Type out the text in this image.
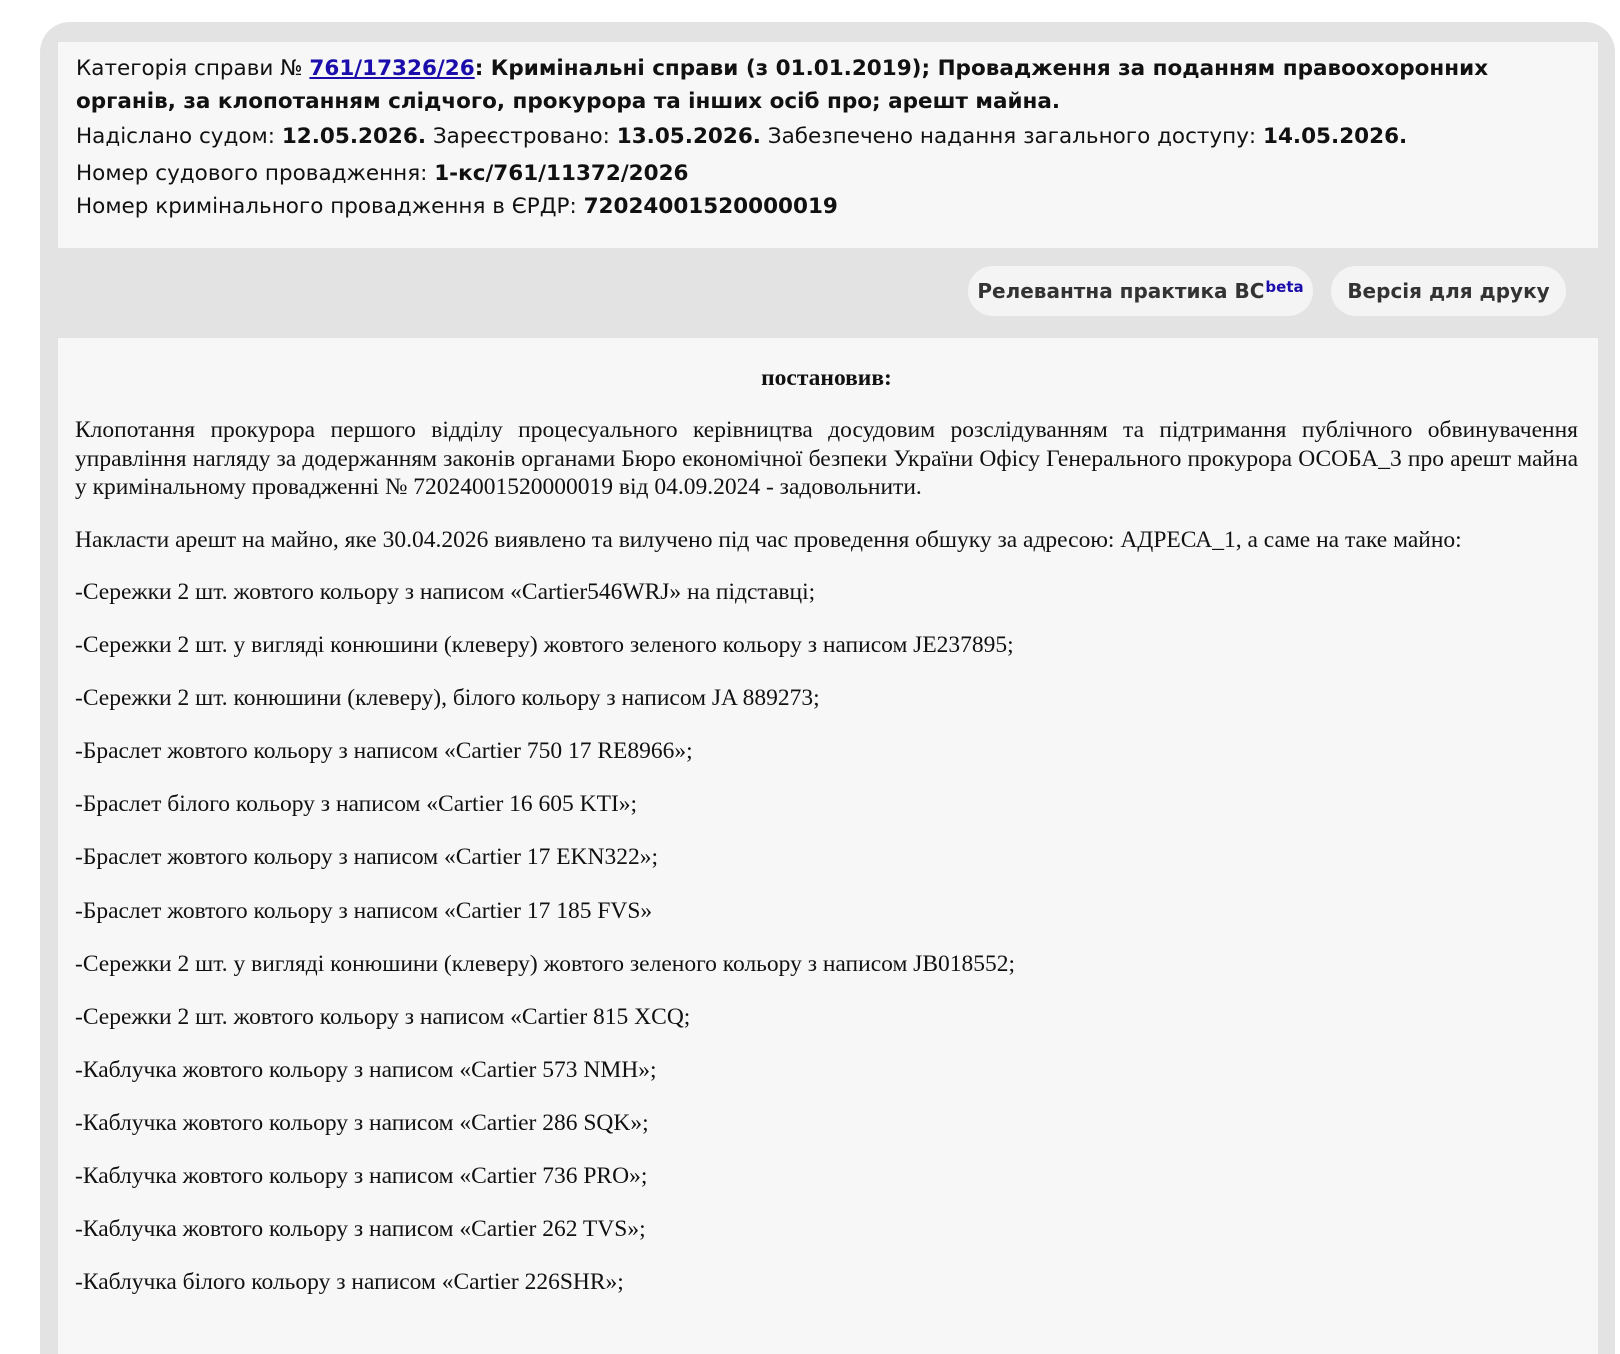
Категорія справи № 761/17326/26: Кримінальні справи (з 01.01.2019); Провадження за поданням правоохоронних органів, за клопотанням слідчого, прокурора та інших осіб про; арешт майна.
Надіслано судом: 12.05.2026. Зареєстровано: 13.05.2026. Забезпечено надання загального доступу: 14.05.2026.
Номер судового провадження: 1-кс/761/11372/2026
Номер кримінального провадження в ЄРДР: 72024001520000019
Релевантна практика $ВС^{beta}$ Версія для друку
постановив:

Клопотання прокурора першого відділу процесуального керівництва досудовим розслідуванням та підтримання публічного обвинувачення управління нагляду за додержанням законів органами Бюро економічної безпеки України Офісу Генерального прокурора ОСОБА_3 про арешт майна у кримінальному провадженні № 72024001520000019 від 04.09.2024 - задовольнити.

Накласти арешт на майно, яке 30.04.2026 виявлено та вилучено під час проведення обшуку за адресою: АДРЕСА_1, а саме на таке майно:

-Сережки 2 шт. жовтого кольору з написом «Cartier546WRJ» на підставці;

-Сережки 2 шт. у вигляді конюшини (клеверу) жовтого зеленого кольору з написом JE237895;

-Сережки 2 шт. конюшини (клеверу), білого кольору з написом JA 889273;

-Браслет жовтого кольору з написом «Cartier 750 17 RE8966»;

-Браслет білого кольору з написом «Cartier 16 605 KTI»;

-Браслет жовтого кольору з написом «Cartier 17 EKN322»;

-Браслет жовтого кольору з написом «Cartier 17 185 FVS»

-Сережки 2 шт. у вигляді конюшини (клеверу) жовтого зеленого кольору з написом JB018552;

-Сережки 2 шт. жовтого кольору з написом «Cartier 815 XCQ;

-Каблучка жовтого кольору з написом «Cartier 573 NMH»;

-Каблучка жовтого кольору з написом «Cartier 286 SQK»;

-Каблучка жовтого кольору з написом «Cartier 736 PRO»;

-Каблучка жовтого кольору з написом «Cartier 262 TVS»;

-Каблучка білого кольору з написом «Cartier 226SHR»;
